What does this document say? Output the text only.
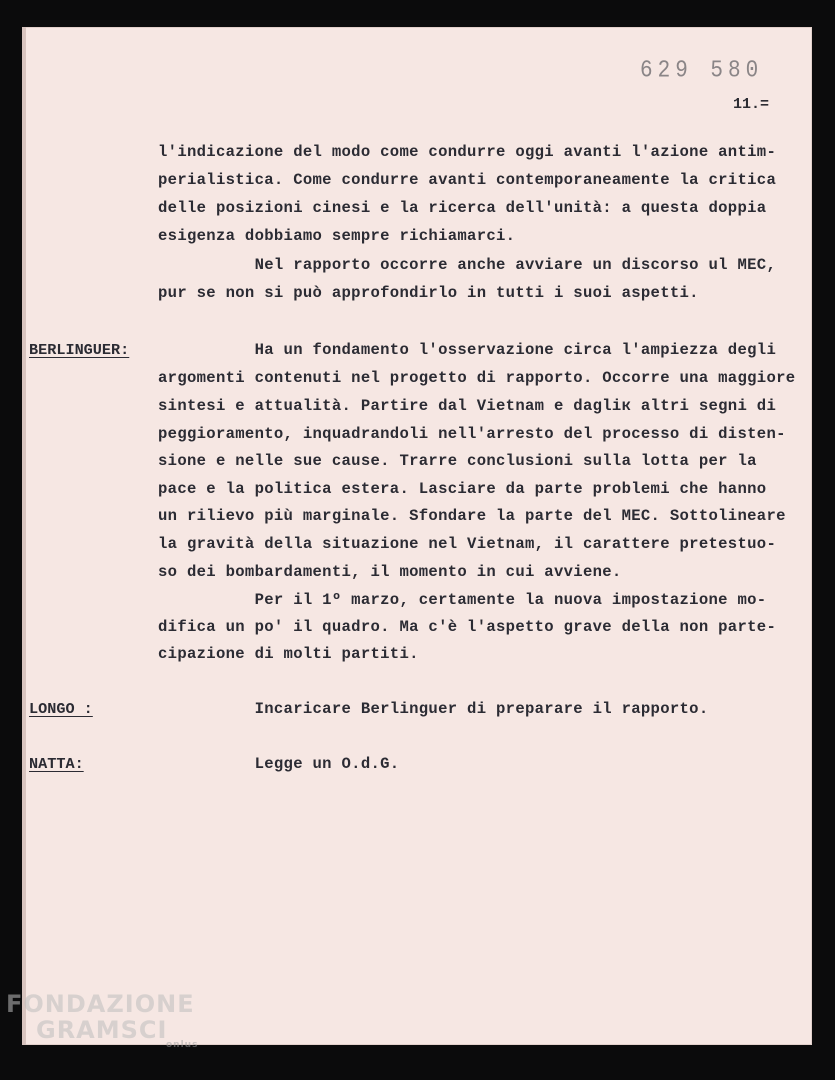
629 580
11.=
l'indicazione del modo come condurre oggi avanti l'azione antim-
perialistica. Come condurre avanti contemporaneamente la critica
delle posizioni cinesi e la ricerca dell'unità: a questa doppia
esigenza dobbiamo sempre richiamarci.
Nel rapporto occorre anche avviare un discorso ul MEC,
pur se non si può approfondirlo in tutti i suoi aspetti.
BERLINGUER: Ha un fondamento l'osservazione circa l'ampiezza degli
argomenti contenuti nel progetto di rapporto. Occorre una maggiore
sintesi e attualità. Partire dal Vietnam e dagliк altri segni di
peggioramento, inquadrandoli nell'arresto del processo di disten-
sione e nelle sue cause. Trarre conclusioni sulla lotta per la
pace e la politica estera. Lasciare da parte problemi che hanno
un rilievo più marginale. Sfondare la parte del MEC. Sottolineare
la gravità della situazione nel Vietnam, il carattere pretestuo-
so dei bombardamenti, il momento in cui avviene.
Per il 1º marzo, certamente la nuova impostazione mo-
difica un po' il quadro. Ma c'è l'aspetto grave della non parte-
cipazione di molti partiti.
LONGO :	Incaricare Berlinguer di preparare il rapporto.
NATTA:	Legge un O.d.G.
FONDAZIONE
GRAMSCI
onlus
